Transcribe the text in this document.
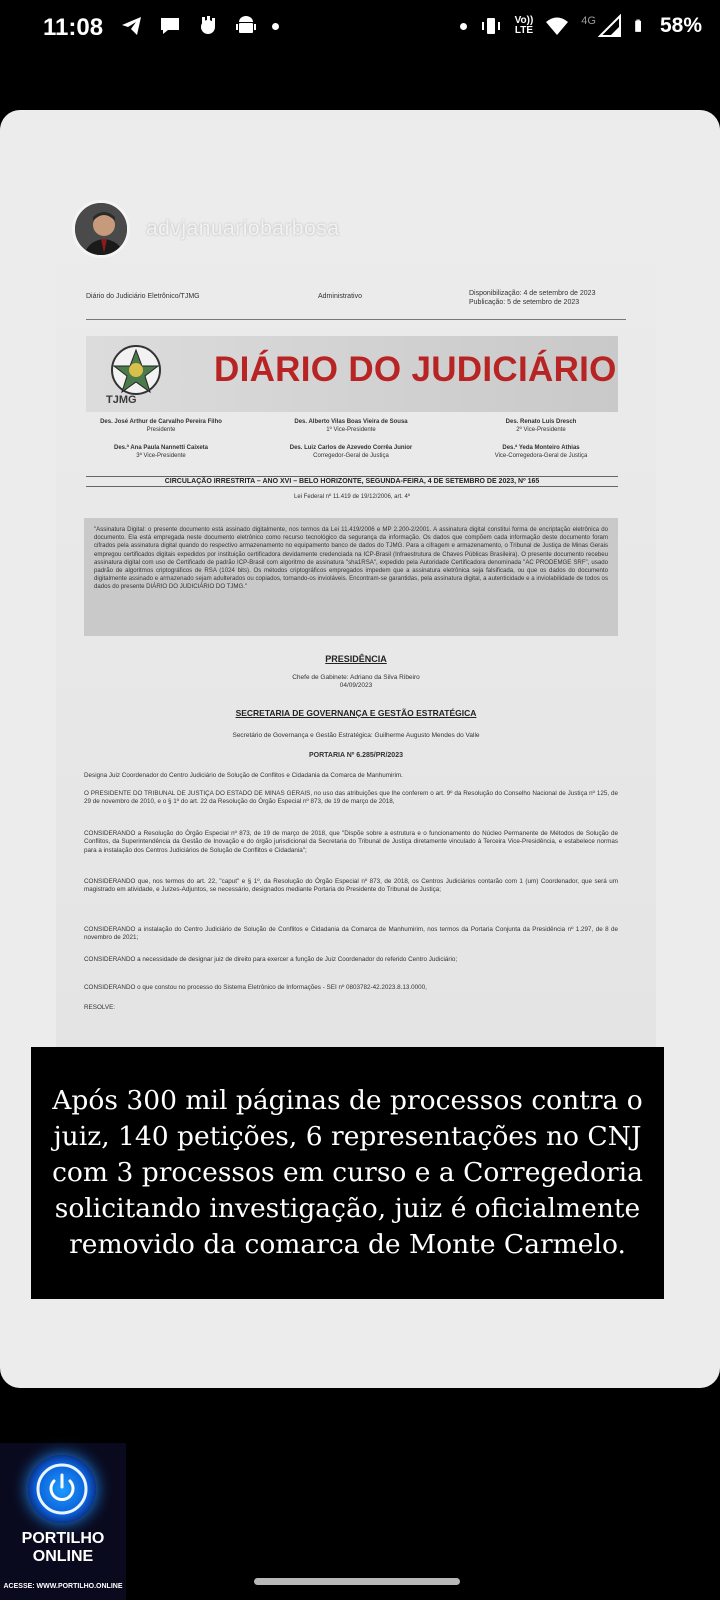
11:08	Vo))
LTE
4G	58%
advjanuariobarbosa
Diário do Judiciário Eletrônico/TJMG	Administrativo	Disponibilização: 4 de setembro de 2023
Publicação: 5 de setembro de 2023
TJMG
DIÁRIO DO JUDICIÁRIO
Des. José Arthur de Carvalho Pereira Filho
Presidente
Des. Alberto Vilas Boas Vieira de Sousa
1º Vice-Presidente
Des. Renato Luís Dresch
2º Vice-Presidente
Des.ª Ana Paula Nannetti Caixeta
3ª Vice-Presidente
Des. Luiz Carlos de Azevedo Corrêa Junior
Corregedor-Geral de Justiça
Des.ª Yeda Monteiro Athias
Vice-Corregedora-Geral de Justiça
CIRCULAÇÃO IRRESTRITA – ANO XVI – BELO HORIZONTE, SEGUNDA-FEIRA, 4 DE SETEMBRO DE 2023, Nº 165
Lei Federal nº 11.419 de 19/12/2006, art. 4º
"Assinatura Digital: o presente documento está assinado digitalmente, nos termos da Lei 11.419/2006 e MP 2.200-2/2001. A assinatura digital constitui forma de encriptação eletrônica do documento. Ela está empregada neste documento eletrônico como recurso tecnológico da segurança da informação. Os dados que compõem cada informação deste documento foram cifrados pela assinatura digital quando do respectivo armazenamento no equipamento banco de dados do TJMG. Para a cifragem e armazenamento, o Tribunal de Justiça de Minas Gerais empregou certificados digitais expedidos por instituição certificadora devidamente credenciada na ICP-Brasil (Infraestrutura de Chaves Públicas Brasileira). O presente documento recebeu assinatura digital com uso de Certificado de padrão ICP-Brasil com algoritmo de assinatura "sha1RSA", expedido pela Autoridade Certificadora denominada "AC PRODEMGE SRF", usado padrão de algoritmos criptográficos de RSA (1024 bits). Os métodos criptográficos empregados impedem que a assinatura eletrônica seja falsificada, ou que os dados do documento digitalmente assinado e armazenado sejam adulterados ou copiados, tornando-os invioláveis. Encontram-se garantidas, pela assinatura digital, a autenticidade e a inviolabilidade de todos os dados do presente DIÁRIO DO JUDICIÁRIO DO TJMG."
PRESIDÊNCIA
Chefe de Gabinete: Adriano da Silva Ribeiro
04/09/2023
SECRETARIA DE GOVERNANÇA E GESTÃO ESTRATÉGICA
Secretário de Governança e Gestão Estratégica: Guilherme Augusto Mendes do Valle
PORTARIA Nº 6.285/PR/2023
Designa Juiz Coordenador do Centro Judiciário de Solução de Conflitos e Cidadania da Comarca de Manhumirim.
O PRESIDENTE DO TRIBUNAL DE JUSTIÇA DO ESTADO DE MINAS GERAIS, no uso das atribuições que lhe conferem o art. 9º da Resolução do Conselho Nacional de Justiça nº 125, de 29 de novembro de 2010, e o § 1º do art. 22 da Resolução do Órgão Especial nº 873, de 19 de março de 2018,
CONSIDERANDO a Resolução do Órgão Especial nº 873, de 19 de março de 2018, que "Dispõe sobre a estrutura e o funcionamento do Núcleo Permanente de Métodos de Solução de Conflitos, da Superintendência da Gestão de Inovação e do órgão jurisdicional da Secretaria do Tribunal de Justiça diretamente vinculado à Terceira Vice-Presidência, e estabelece normas para a instalação dos Centros Judiciários de Solução de Conflitos e Cidadania";
CONSIDERANDO que, nos termos do art. 22, "caput" e § 1º, da Resolução do Órgão Especial nº 873, de 2018, os Centros Judiciários contarão com 1 (um) Coordenador, que será um magistrado em atividade, e Juízes-Adjuntos, se necessário, designados mediante Portaria do Presidente do Tribunal de Justiça;
CONSIDERANDO a instalação do Centro Judiciário de Solução de Conflitos e Cidadania da Comarca de Manhumirim, nos termos da Portaria Conjunta da Presidência nº 1.297, de 8 de novembro de 2021;
CONSIDERANDO a necessidade de designar juiz de direito para exercer a função de Juiz Coordenador do referido Centro Judiciário;
CONSIDERANDO o que constou no processo do Sistema Eletrônico de Informações - SEI nº 0803782-42.2023.8.13.0000,
RESOLVE:
Após 300 mil páginas de processos contra o juiz, 140 petições, 6 representações no CNJ com 3 processos em curso e a Corregedoria solicitando investigação, juiz é oficialmente removido da comarca de Monte Carmelo.
PORTILHO
ONLINE
ACESSE: WWW.PORTILHO.ONLINE
